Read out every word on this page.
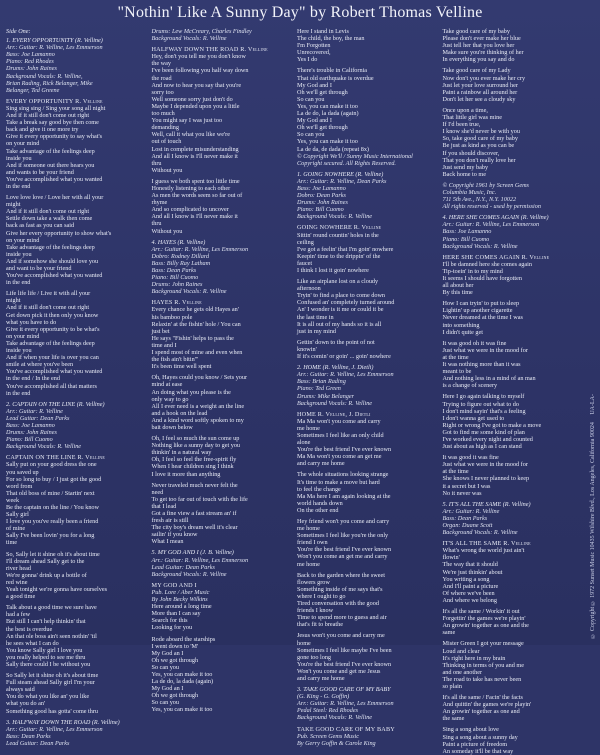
"Nothin' Like A Sunny Day" by Robert Thomas Velline
Side One:
1. EVERY OPPORTUNITY (R. Velline)
Arr.: Guitar: R. Velline, Les Emmerson
Bass: Joe Lamanno
Piano: Red Rhodes
Drums: John Raines
Background Vocals: R. Velline,
Brian Rading, Rick Belanger, Mike
Belanger, Ted Greene
EVERY OPPORTUNITY R. Velline
Sing sing sing / Sing your song all night
And if it still don't come out right
Take a break say good bye then come
back and give it one more try
Give it every opportunity to say what's
on your mind
Take advantage of the feelings deep
inside you
And if someone out there hears you
and wants to be your friend
You've accomplished what you wanted
in the end
Love love love / Love her with all your
might
And if it still don't come out right
Settle down take a walk then come
back as fast as you can said
Give her every opportunity to show what's
on your mind
Take advantage of the feelings deep
inside you
And if somehow she should love you
and want to be your friend
You've accomplished what you wanted
in the end
Life life life / Live it with all your
might
And if it still don't come out right
Get down pick it then only you know
what you have to do
Give it every opportunity to be what's
on your mind
Take advantage of the feelings deep
inside you
And if when your life is over you can
smile at where you've been
You've accomplished what you wanted
in the end / In the end
You've accomplished all that matters
in the end
2. CAPTAIN ON THE LINE (R. Velline)
Arr.: Guitar: R. Velline
Lead Guitar: Dean Parks
Bass: Joe Lamanno
Drums: John Raines
Piano: Bill Cuomo
Background Vocals: R. Velline
CAPTAIN ON THE LINE R. Velline
Sally put on your good dress the one
you saved up
For so long to buy / I just got the good
word from
That old boss of mine / Startin' next
week
Be the captain on the line / You know
Sally girl
I love you you've really been a friend
of mine
Sally I've been lovin' you for a long
time
So, Sally let it shine oh it's about time
I'll dream ahead Sally get to the
river head
We're gonna' drink up a bottle of
red wine
Yeah tonight we're gonna have ourselves
a good time
Talk about a good time we sure have
had a few
But still I can't help thinkin' that
the best is overdue
An that ole boss ain't seen nothin' 'til
he sees what I can do
You know Sally girl I love you
you really helped to see me thru
Sally there could I be without you
So Sally let it shine oh it's about time
Full steam ahead Sally girl I'm your
always said
You do what you like an' you like
what you do an'
Something good has gotta' come thru
3. HALFWAY DOWN THE ROAD (R. Velline)
Arr.: Guitar: R. Velline, Les Emmerson
Bass: Dean Parks
Lead Guitar: Dean Parks
Drums: Lew McCreary, Charles Findley
Background Vocals: R. Velline
HALFWAY DOWN THE ROAD R. Velline
Hey, don't you tell me you don't know
the way
I've been following you half way down
the road
And now to hear you say that you're
sorry too
Well someone sorry just don't do
Maybe I depended upon you a little
too much
You might say I was just too
demanding
Well, call it what you like we're
out of touch
Lost in complete misunderstanding
And all I know is I'll never make it
thru
Without you
I guess we both spent too little time
Honestly listening to each other
As men the words seem so far out of
rhyme
And so complicated to uncover
And all I know is I'll never make it
thru
Without you
4. HAYES (R. Velline)
Arr.: Guitar: R. Velline, Les Emmerson
Dobro: Rodney Dillard
Bass: Billy Ray Latham
Bass: Dean Parks
Piano: Bill Cuomo
Drums: John Raines
Background Vocals: R. Velline
HAYES R. Velline
Every chance he gets old Hayes an'
his bamboo pole
Relaxin' at the fishin' hole / You can
just bet
He says "Fishin' helps to pass the
time and I
I spend most of mine and even when
the fish ain't bitin'"
It's been time well spent
Oh, Hayes could you know / Sets your
mind at ease
An doing what you please is the
only way to go
All I ever need is a weight an the line
and a hook on the lead
And a kind word softly spoken to my
bait down below
Oh, I feel so much the sun come up
Nothing like a sunny day to get you
thinkin' in a natural way
Oh, I feel so feel the free-spirit fly
When I hear children sing I think
I love it more than anything
Never traveled much never felt the
need
To get too far out of touch with the life
that I lead
Got a fine view a fast stream an' if
fresh air is still
The city boy's dream well it's clear
sailin' if you know
What I mean
5. MY GOD AND I (J. B. Velline)
Arr.: Guitar: R. Velline, Les Emmerson
Lead Guitar: Dean Parks
Background Vocals: R. Velline
MY GOD AND I
Pub. Lore / Aber Music
By John Becky Wilkins
Here around a long time
More than I can say
Search for this
Looking for you
Rode aboard the starships
I went down to 'M'
My God an I
Oh we got through
So can you
Yes, you can make it too
La de do, la dada (again)
My God an I
Oh we got through
So can you
Yes, you can make it too
Here I stand in Levis
The child, the boy, the man
I'm Forgotten
Unrecovered,
Yes I do
There's trouble in California
That old earthquake is overdue
My God and I
Oh we'll get through
So can you
Yes, you can make it too
La de do, la dada (again)
My God and I
Oh we'll get through
So can you
Yes, you can make it too
La de da, de dada (repeat 8x)
© Copyright We'll / Sunny Music International
Copyright secured. All Rights Reserved.
1. GOING NOWHERE (R. Velline)
Arr.: Guitar: R. Velline, Dean Parks
Bass: Joe Lamanno
Dobro: Dean Parks
Drums: John Raines
Piano: Bill Cuomo
Background Vocals: R. Velline
GOING NOWHERE R. Velline
Sittin' round countin' holes in the
ceiling
I've got a feelin' that I'm goin' nowhere
Keepin' time to the drippin' of the
faucet
I think I lost it goin' nowhere
Like an airplane lost on a cloudy
afternoon
Tryin' to find a place to come down
Confused an' completely turned around
An' I wonder is it me or could it be
the last time in
It is all out of my hands so it is all
just in my mind
Gettin' down to the point of not
knowin'
If it's comin' or goin' ... goin' nowhere
2. HOME (R. Velline, J. Dietli)
Arr.: Guitar: R. Velline, Les Emmerson
Bass: Brian Rading
Piano: Ted Green
Drums: Mike Belanger
Background Vocals: R. Velline
HOME R. Velline, J. Dietli
Ma Ma won't you come and carry
me home
Sometimes I feel like an only child
alone
You're the best friend I've ever known
Ma Ma won't you come an get me
and carry me home
The whole situations looking strange
It's time to make a move but hard
to feel the change
Ma Ma here I am again looking at the
world hands down
On the other end
Hey friend won't you come and carry
me home
Sometimes I feel like you're the only
friend I own
You're the best friend I've ever known
Won't you come an get me and carry
me home
Back to the garden where the sweet
flowers grow
Something inside of me says that's
where I ought to go
Tired conversation with the good
friends I know
Time to spend more to guess and air
that's fit to breathe
Jesus won't you come and carry me
home
Sometimes I feel like maybe I've been
gone too long
You're the best friend I've ever known
Won't you come and get me Jesus
and carry me home
3. TAKE GOOD CARE OF MY BABY
(G. King - G. Goffin)
Arr.: Guitar: R. Velline, Les Emmerson
Pedal Steel: Red Rhodes
Background Vocals: R. Velline
TAKE GOOD CARE OF MY BABY
Pub. Screen Gems Music
By Gerry Goffin & Carole King
Take good care of my baby
Please don't ever make her blue
Just tell her that you love her
Make sure you're thinking of her
In everything you say and do
Take good care of my Lady
Now don't you ever make her cry
Just let your love surround her
Paint a rainbow all around her
Don't let her see a cloudy sky
Once upon a time,
That little girl was mine
If I'd been true,
I know she'd never be with you
So, take good care of my baby
Be just as kind as you can be
If you should discover,
That you don't really love her
Just send my baby
Back home to me
© Copyright 1961 by Screen Gems
Columbia Music, Inc.
711 5th Ave., N.Y., N.Y. 10022
All rights reserved - used by permission
4. HERE SHE COMES AGAIN (R. Velline)
Arr.: Guitar: R. Velline, Les Emmerson
Bass: Joe Lamanno
Piano: Bill Cuomo
Background Vocals: R. Velline
HERE SHE COMES AGAIN R. Velline
I'll be damned here she comes again
Tip-toein' in to my mind
It seems I should have forgotten
all about her
By this time
How I can tryin' to put to sleep
Lightin' up another cigarette
Never dreamed at the time I was
into something
I didn't quite get
It was good oh it was fine
Just what we were in the mood for
at the time
It was nothing more than it was
meant to be
And nothing less in a mind of an man
is a change of scenery
Here I go again talking to myself
Trying to figure out what to do
I don't mind sayin' that's a feeling
I don't wanna get used to
Right or wrong I've got to make a move
Got to find me some kind of plan
I've worked every night and counted
Just about as high as I can stand
It was good it was fine
Just what we were in the mood for
at the time
She knows I never planned to keep
it a secret but I was
No it never was
5. IT'S ALL THE SAME (R. Velline)
Arr.: Guitar: R. Velline
Bass: Dean Parks
Organ: Duane Scott
Background Vocals: R. Velline
IT'S ALL THE SAME R. Velline
What's wrong the world just ain't
flowin'
The way that it should
We're just thinkin' about
You writing a song
And I'll paint a picture
Of where we've been
And where we belong
It's all the same / Workin' it out
Forgettin' the games we're playin'
An growin' together as one and the
same
Mister Green I got your message
Loud and clear
It's right here in my brain
Thinking in terms of you and me
and one another
The road to take has never been
so plain
It's all the same / Facin' the facts
And quittin' the games we're playin'
An growin' together as one and
the same
Sing a song about love
Sing a song about a sunny day
Paint a picture of freedom
An someday it'll be that way
© Copyright © 1972 Sunset Music 10435 Wilshire Blvd., Los Angeles, California 90024 UA-LA-
